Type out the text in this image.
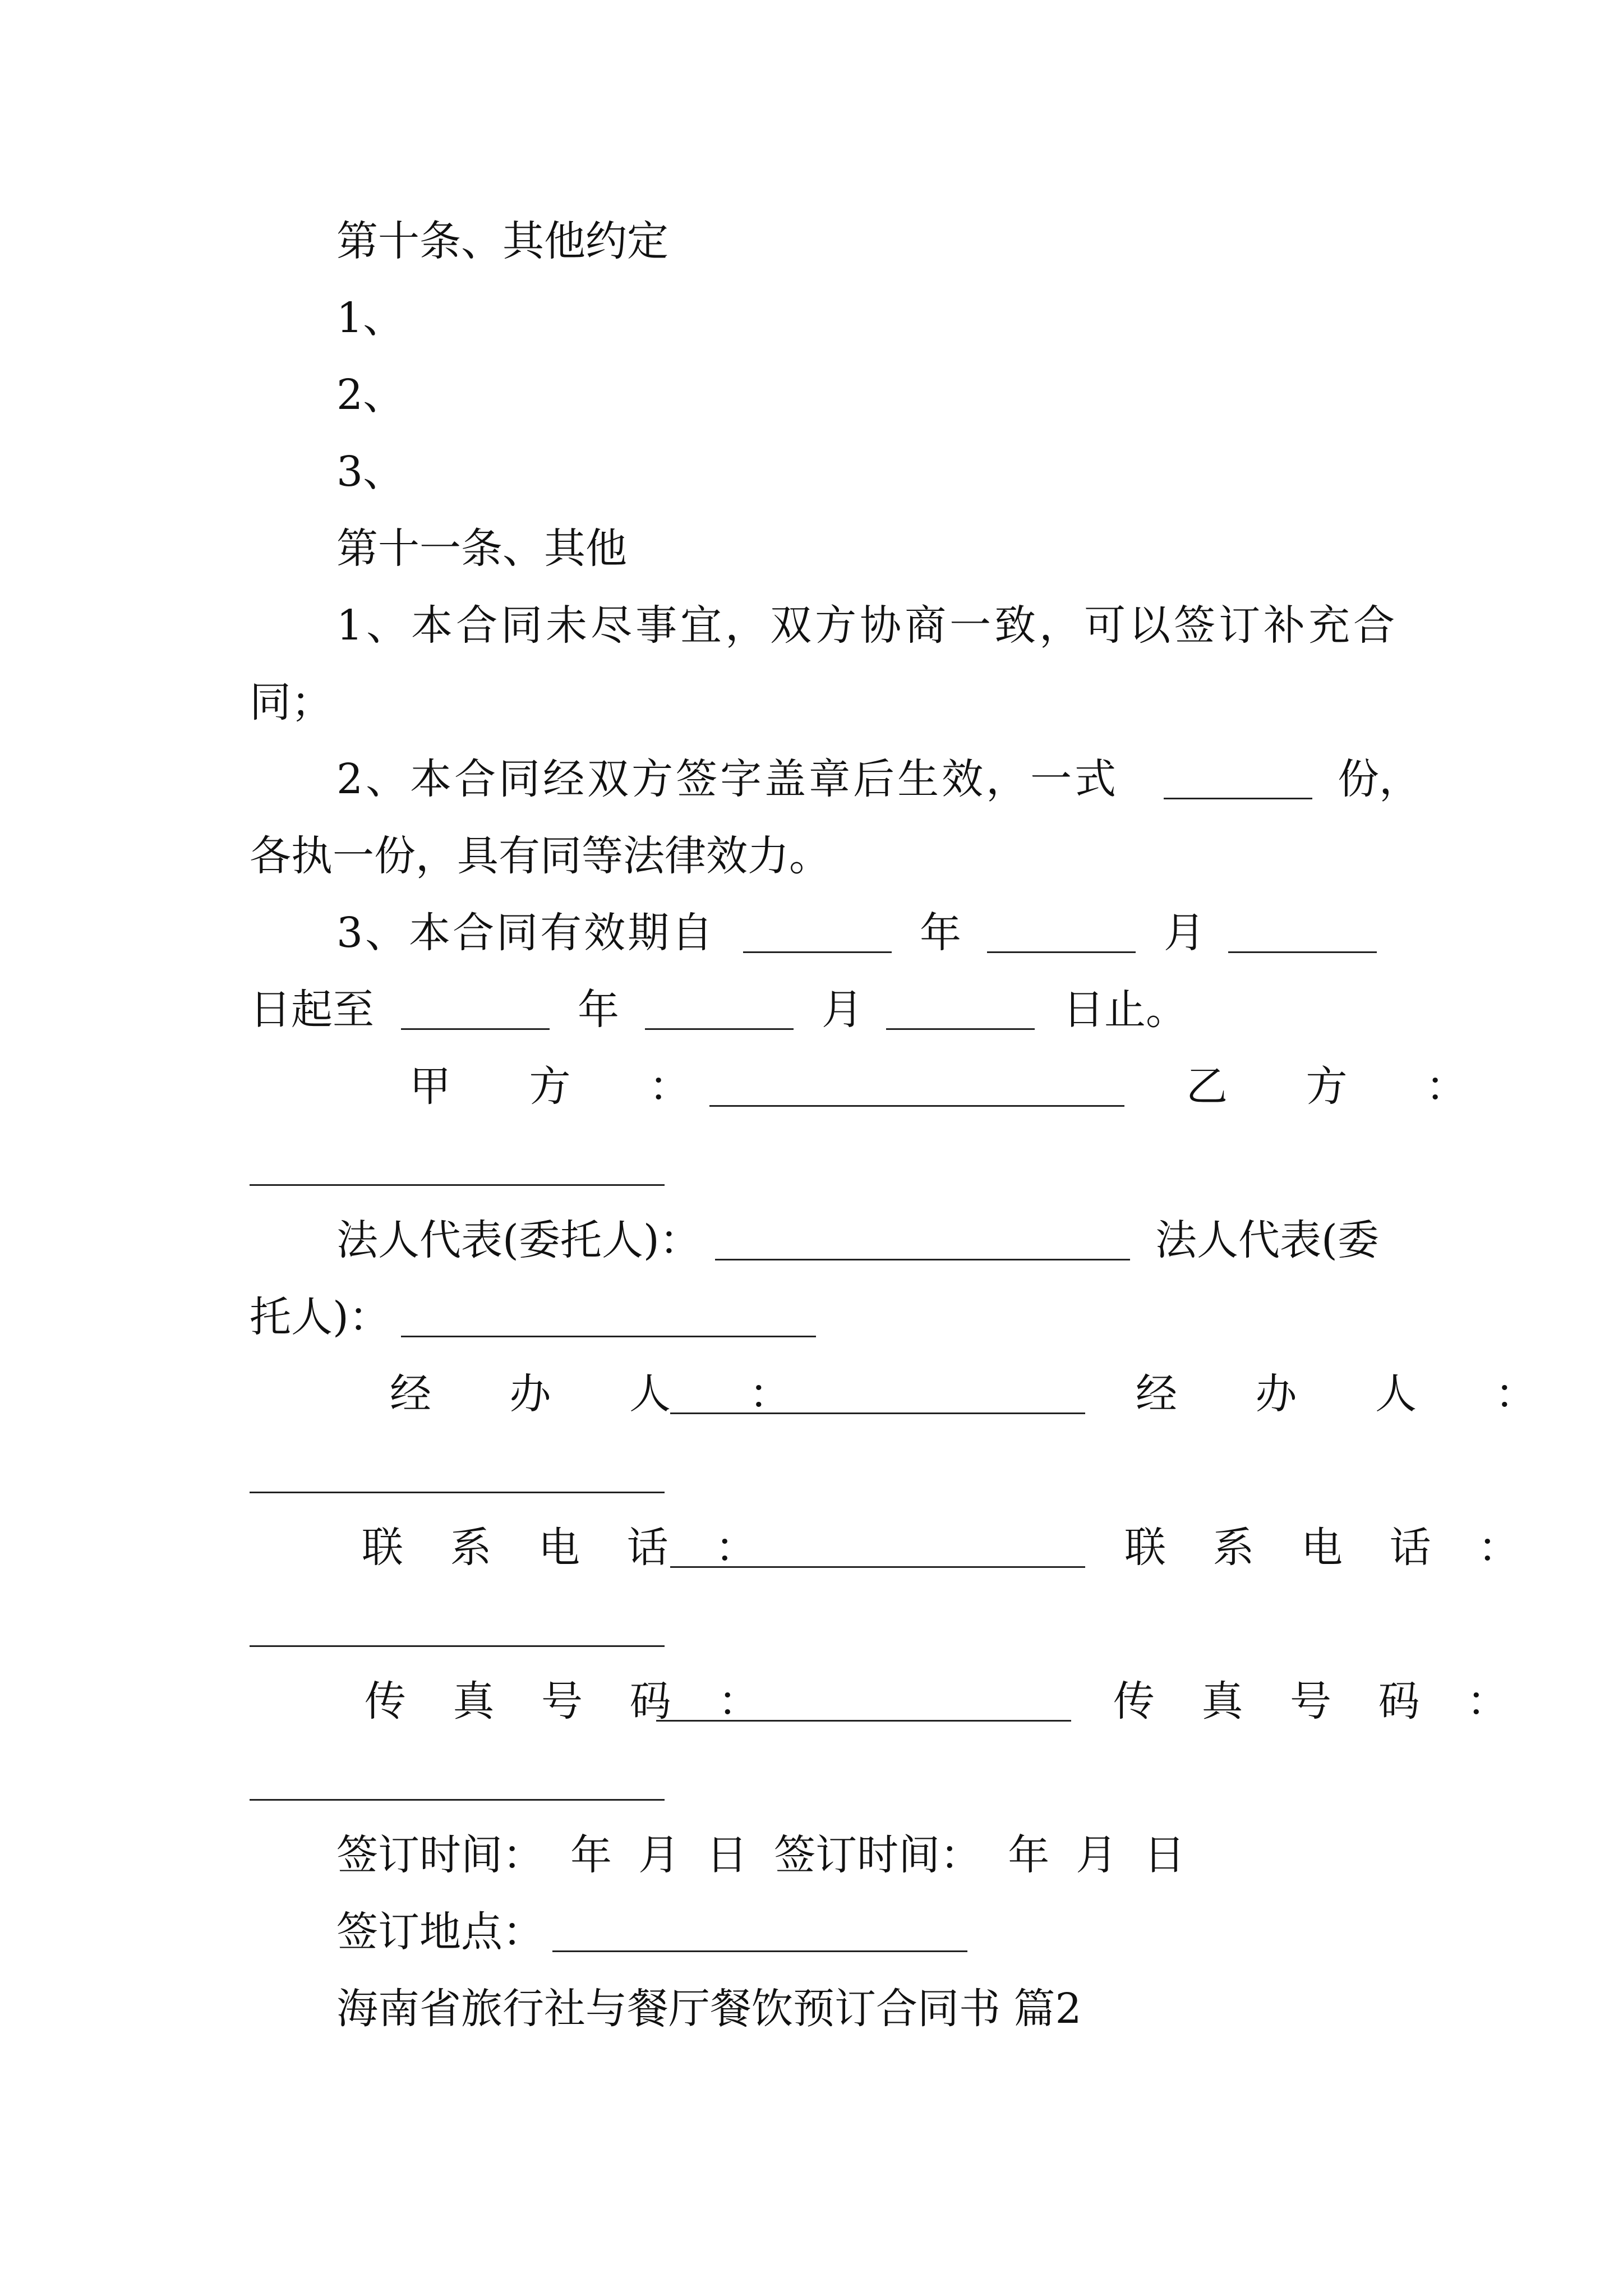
第十条、其他约定
1、
2、
3、
第十一条、其他
1、本合同未尽事宜，双方协商一致，可以签订补充合
同；
2、本合同经双方签字盖章后生效，一式	份，
各执一份，具有同等法律效力。
3、本合同有效期自	年	月
日起至	年	月	日止。
甲 方 ：	乙 方 ：
法人代表(委托人)：	法人代表(委
托人)：
经 办 人 ：	经 办 人 ：
联 系 电 话 ：	联 系 电 话 ：
传 真 号 码 ：	传 真 号 码 ：
签订时间：  年  月  日  签订时间：  年  月  日
签订地点：
海南省旅行社与餐厅餐饮预订合同书 篇2
